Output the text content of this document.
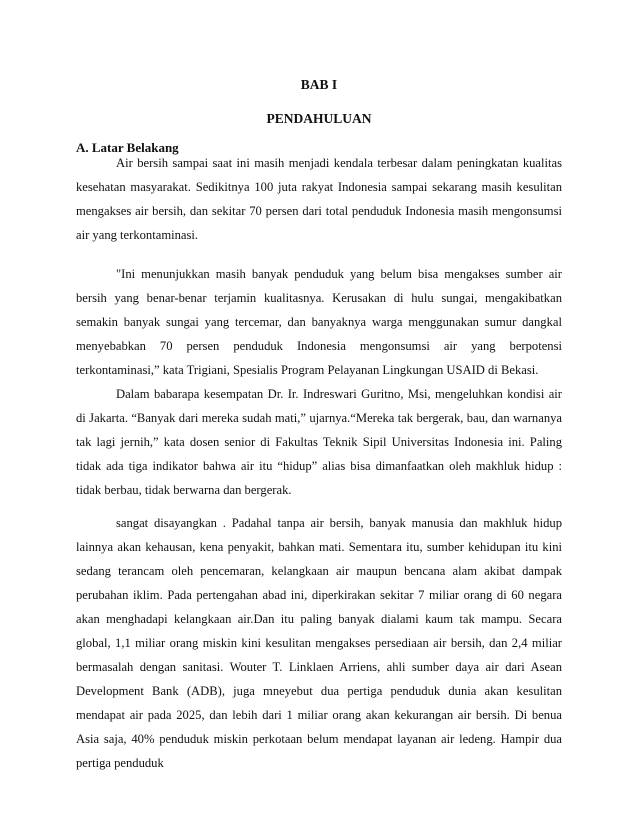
BAB I
PENDAHULUAN
A. Latar Belakang

Air bersih sampai saat ini masih menjadi kendala terbesar dalam peningkatan kualitas kesehatan masyarakat. Sedikitnya 100 juta rakyat Indonesia sampai sekarang masih kesulitan mengakses air bersih, dan sekitar 70 persen dari total penduduk Indonesia masih mengonsumsi air yang terkontaminasi.

"Ini menunjukkan masih banyak penduduk yang belum bisa mengakses sumber air bersih yang benar-benar terjamin kualitasnya. Kerusakan di hulu sungai, mengakibatkan semakin banyak sungai yang tercemar, dan banyaknya warga menggunakan sumur dangkal menyebabkan 70 persen penduduk Indonesia mengonsumsi air yang berpotensi terkontaminasi,” kata Trigiani, Spesialis Program Pelayanan Lingkungan USAID di Bekasi.

Dalam babarapa kesempatan Dr. Ir. Indreswari Guritno, Msi, mengeluhkan kondisi air di Jakarta. “Banyak dari mereka sudah mati,” ujarnya.“Mereka tak bergerak, bau, dan warnanya tak lagi jernih,” kata dosen senior di Fakultas Teknik Sipil Universitas Indonesia ini. Paling tidak ada tiga indikator bahwa air itu “hidup” alias bisa dimanfaatkan oleh makhluk hidup : tidak berbau, tidak berwarna dan bergerak.

sangat disayangkan . Padahal tanpa air bersih, banyak manusia dan makhluk hidup lainnya akan kehausan, kena penyakit, bahkan mati. Sementara itu, sumber kehidupan itu kini sedang terancam oleh pencemaran, kelangkaan air maupun bencana alam akibat dampak perubahan iklim. Pada pertengahan abad ini, diperkirakan sekitar 7 miliar orang di 60 negara akan menghadapi kelangkaan air.Dan itu paling banyak dialami kaum tak mampu. Secara global, 1,1 miliar orang miskin kini kesulitan mengakses persediaan air bersih, dan 2,4 miliar bermasalah dengan sanitasi. Wouter T. Linklaen Arriens, ahli sumber daya air dari Asean Development Bank (ADB), juga mneyebut dua pertiga penduduk dunia akan kesulitan mendapat air pada 2025, dan lebih dari 1 miliar orang akan kekurangan air bersih. Di benua Asia saja, 40% penduduk miskin perkotaan belum mendapat layanan air ledeng. Hampir dua pertiga penduduk
